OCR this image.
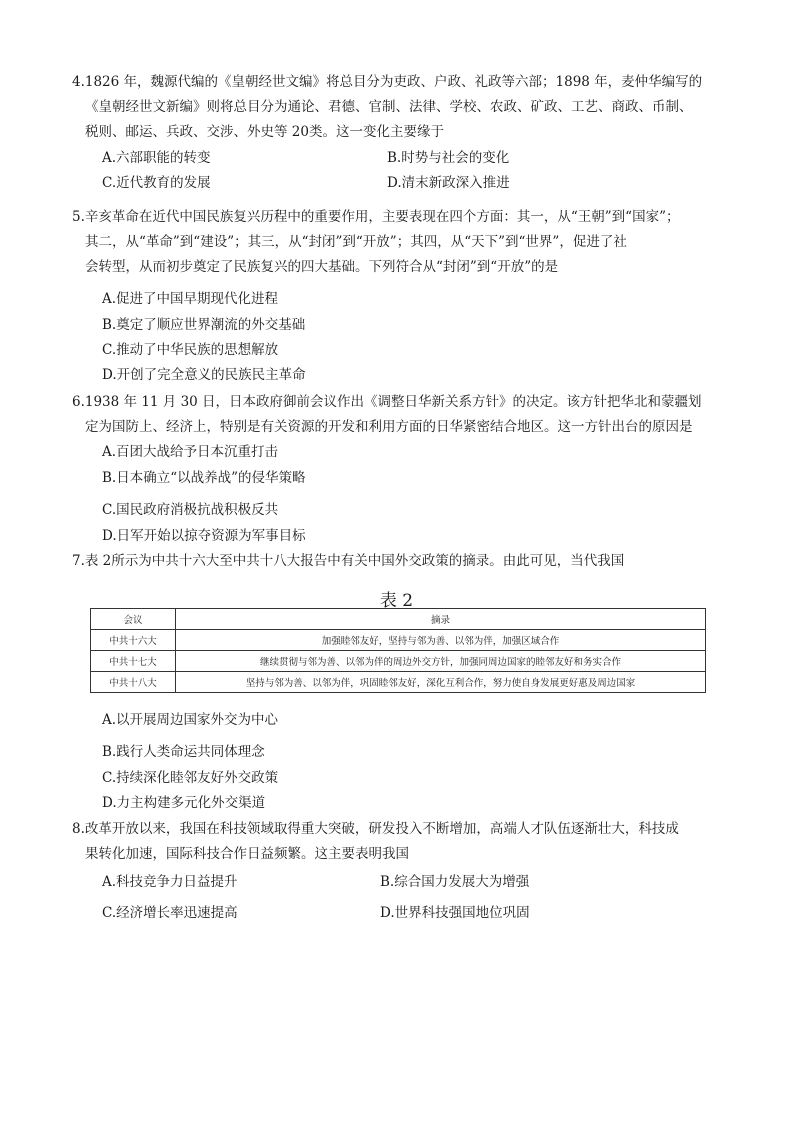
4.1826 年，魏源代编的《皇朝经世文编》将总目分为吏政、户政、礼政等六部；1898 年，麦仲华编写的
《皇朝经世文新编》则将总目分为通论、君德、官制、法律、学校、农政、矿政、工艺、商政、币制、
税则、邮运、兵政、交涉、外史等 20类。这一变化主要缘于
A.六部职能的转变	B.时势与社会的变化
C.近代教育的发展	D.清末新政深入推进
5.辛亥革命在近代中国民族复兴历程中的重要作用，主要表现在四个方面：其一，从“王朝”到“国家”；
其二，从“革命”到“建设”；其三，从“封闭”到“开放”；其四，从“天下”到“世界”，促进了社
会转型，从而初步奠定了民族复兴的四大基础。下列符合从“封闭”到“开放”的是
A.促进了中国早期现代化进程
B.奠定了顺应世界潮流的外交基础
C.推动了中华民族的思想解放
D.开创了完全意义的民族民主革命
6.1938 年 11 月 30 日，日本政府御前会议作出《调整日华新关系方针》的决定。该方针把华北和蒙疆划
定为国防上、经济上，特别是有关资源的开发和利用方面的日华紧密结合地区。这一方针出台的原因是
A.百团大战给予日本沉重打击
B.日本确立“以战养战”的侵华策略
C.国民政府消极抗战积极反共
D.日军开始以掠夺资源为军事目标
7.表 2所示为中共十六大至中共十八大报告中有关中国外交政策的摘录。由此可见，当代我国
表 2
会议	摘录
中共十六大	加强睦邻友好，坚持与邻为善、以邻为伴，加强区域合作
中共十七大	继续贯彻与邻为善、以邻为伴的周边外交方针，加强同周边国家的睦邻友好和务实合作
中共十八大	坚持与邻为善、以邻为伴，巩固睦邻友好，深化互利合作，努力使自身发展更好惠及周边国家
A.以开展周边国家外交为中心
B.践行人类命运共同体理念
C.持续深化睦邻友好外交政策
D.力主构建多元化外交渠道
8.改革开放以来，我国在科技领域取得重大突破，研发投入不断增加，高端人才队伍逐渐壮大，科技成
果转化加速，国际科技合作日益频繁。这主要表明我国
A.科技竞争力日益提升	B.综合国力发展大为增强
C.经济增长率迅速提高	D.世界科技强国地位巩固
